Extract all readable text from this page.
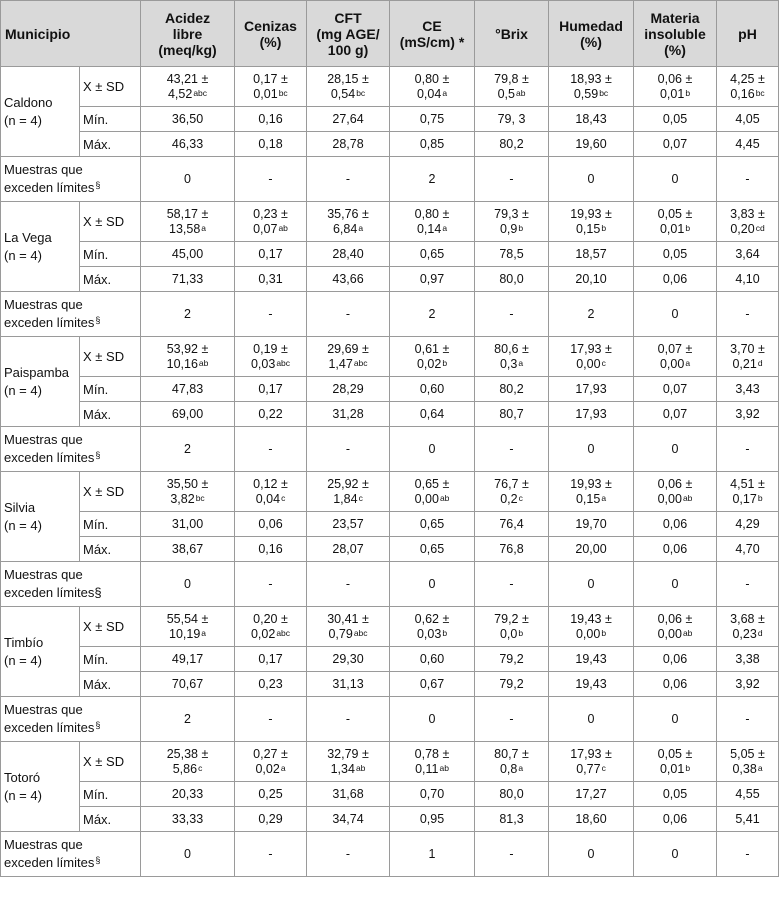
Municipio		Acidez
libre
(meq/kg)	Cenizas
(%)	CFT
(mg AGE/
100 g)	CE
(mS/cm) *	°Brix	Humedad
(%)	Materia
insoluble
(%)	pH

Caldono
(n = 4)	X ± SD	43,21 ±
4,52$^{abc}$	0,17 ±
0,01$^{bc}$	28,15 ±
0,54$^{bc}$	0,80 ±
0,04$^a$	79,8 ±
0,5$^{ab}$	18,93 ±
0,59$^{bc}$	0,06 ±
0,01$^b$	4,25 ±
0,16$^{bc}$

	Mín.	36,50	0,16	27,64	0,75	79, 3	18,43	0,05	4,05
	Máx.	46,33	0,18	28,78	0,85	80,2	19,60	0,07	4,45

Muestras que
exceden límites§		0	-	-	2	-	0	0	-

La Vega
(n = 4)	X ± SD	58,17 ±
13,58$^a$	0,23 ±
0,07$^{ab}$	35,76 ±
6,84$^a$	0,80 ±
0,14$^a$	79,3 ±
0,9$^b$	19,93 ±
0,15$^b$	0,05 ±
0,01$^b$	3,83 ±
0,20$^{cd}$

	Mín.	45,00	0,17	28,40	0,65	78,5	18,57	0,05	3,64
	Máx.	71,33	0,31	43,66	0,97	80,0	20,10	0,06	4,10

Muestras que
exceden límites§		2	-	-	2	-	2	0	-

Paispamba
(n = 4)	X ± SD	53,92 ±
10,16$^{ab}$	0,19 ±
0,03$^{abc}$	29,69 ±
1,47$^{abc}$	0,61 ±
0,02$^b$	80,6 ±
0,3$^a$	17,93 ±
0,00$^c$	0,07 ±
0,00$^a$	3,70 ±
0,21$^d$

	Mín.	47,83	0,17	28,29	0,60	80,2	17,93	0,07	3,43
	Máx.	69,00	0,22	31,28	0,64	80,7	17,93	0,07	3,92

Muestras que
exceden límites§		2	-	-	0	-	0	0	-

Silvia
(n = 4)	X ± SD	35,50 ±
3,82$^{bc}$	0,12 ±
0,04$^c$	25,92 ±
1,84$^c$	0,65 ±
0,00$^{ab}$	76,7 ±
0,2$^c$	19,93 ±
0,15$^a$	0,06 ±
0,00$^{ab}$	4,51 ±
0,17$^b$

	Mín.	31,00	0,06	23,57	0,65	76,4	19,70	0,06	4,29
	Máx.	38,67	0,16	28,07	0,65	76,8	20,00	0,06	4,70

Muestras que
exceden límites§		0	-	-	0	-	0	0	-

Timbío
(n = 4)	X ± SD	55,54 ±
10,19$^a$	0,20 ±
0,02$^{abc}$	30,41 ±
0,79$^{abc}$	0,62 ±
0,03$^b$	79,2 ±
0,0$^b$	19,43 ±
0,00$^b$	0,06 ±
0,00$^{ab}$	3,68 ±
0,23$^d$

	Mín.	49,17	0,17	29,30	0,60	79,2	19,43	0,06	3,38
	Máx.	70,67	0,23	31,13	0,67	79,2	19,43	0,06	3,92

Muestras que
exceden límites§		2	-	-	0	-	0	0	-

Totoró
(n = 4)	X ± SD	25,38 ±
5,86$^c$	0,27 ±
0,02$^a$	32,79 ±
1,34$^{ab}$	0,78 ±
0,11$^{ab}$	80,7 ±
0,8$^a$	17,93 ±
0,77$^c$	0,05 ±
0,01$^b$	5,05 ±
0,38$^a$

	Mín.	20,33	0,25	31,68	0,70	80,0	17,27	0,05	4,55
	Máx.	33,33	0,29	34,74	0,95	81,3	18,60	0,06	5,41

Muestras que
exceden límites§		0	-	-	1	-	0	0	-
